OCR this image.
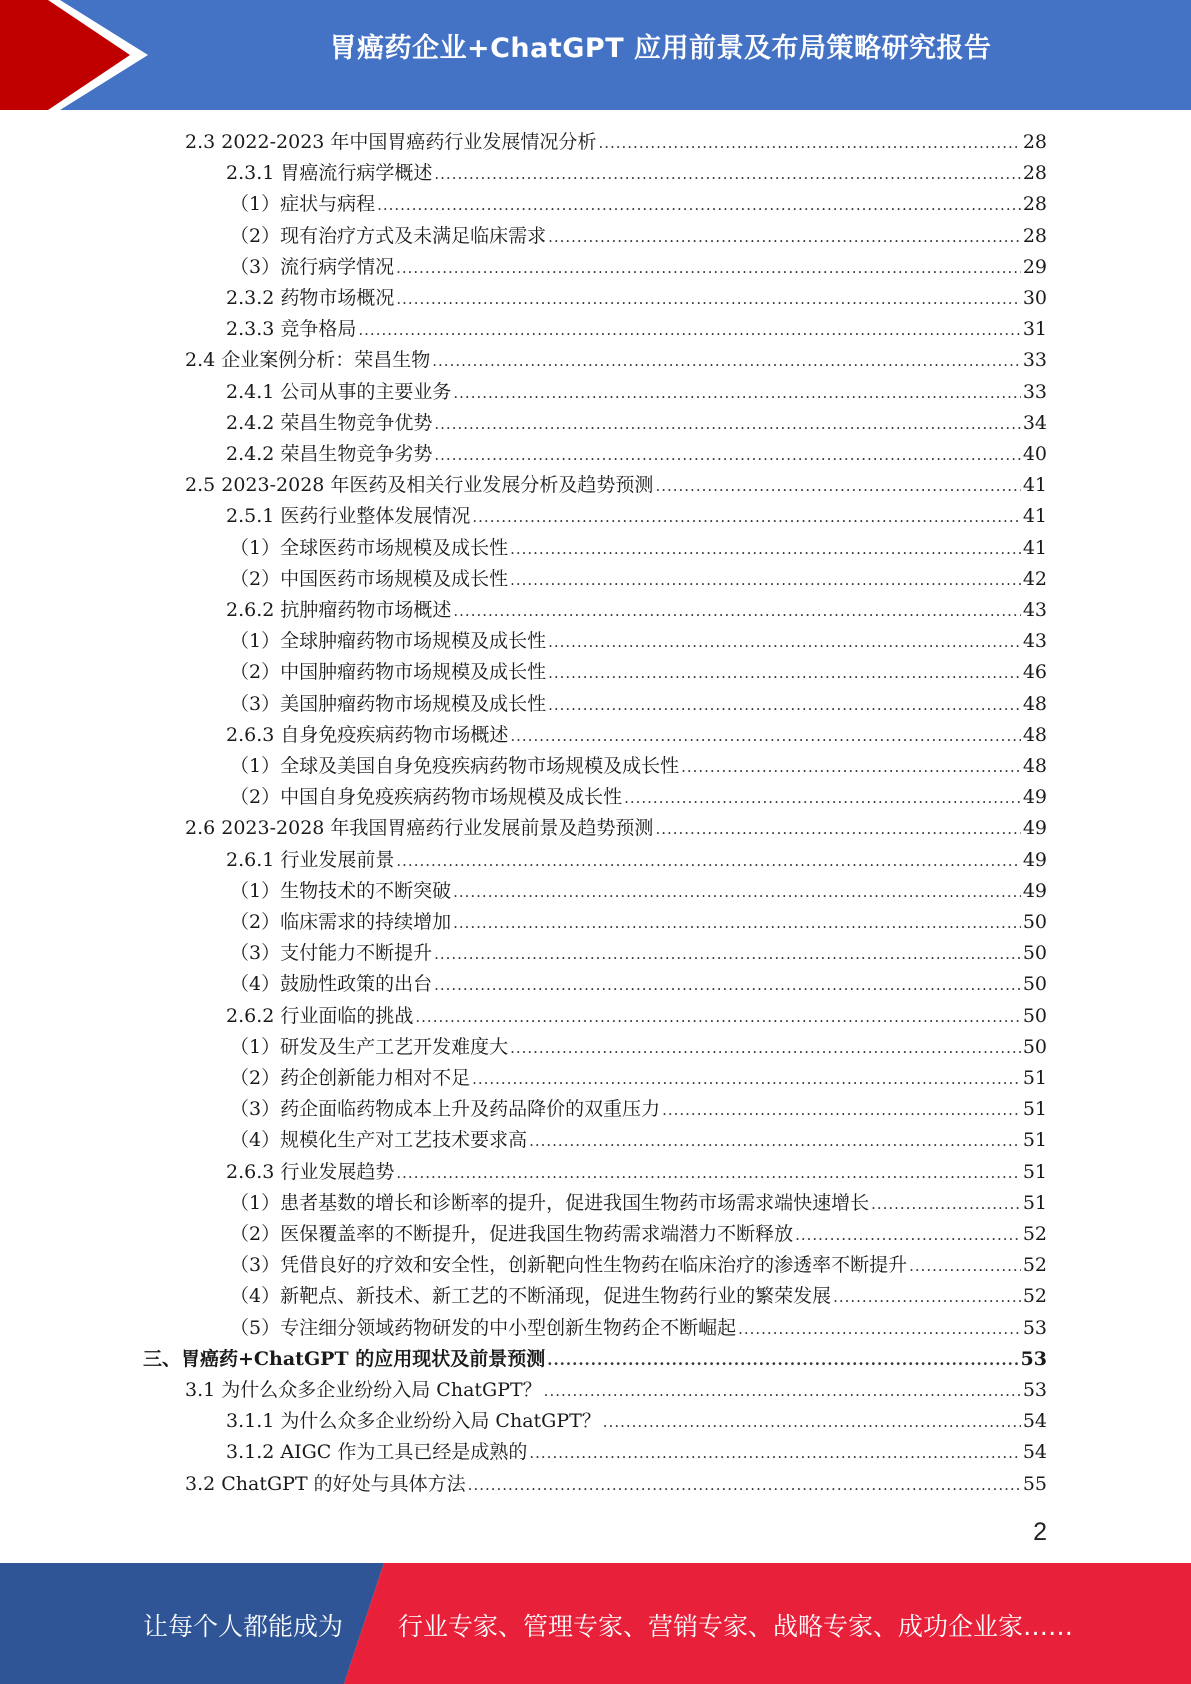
胃癌药企业+ChatGPT 应用前景及布局策略研究报告
2.3 2022-2023 年中国胃癌药行业发展情况分析 .....	28
2.3.1 胃癌流行病学概述 .....	28
（1）症状与病程 .....	28
（2）现有治疗方式及未满足临床需求 .....	28
（3）流行病学情况 .....	29
2.3.2 药物市场概况 .....	30
2.3.3 竞争格局 .....	31
2.4 企业案例分析：荣昌生物 .....	33
2.4.1 公司从事的主要业务 .....	33
2.4.2 荣昌生物竞争优势 .....	34
2.4.2 荣昌生物竞争劣势 .....	40
2.5 2023-2028 年医药及相关行业发展分析及趋势预测 .....	41
2.5.1 医药行业整体发展情况 .....	41
（1）全球医药市场规模及成长性 .....	41
（2）中国医药市场规模及成长性 .....	42
2.6.2 抗肿瘤药物市场概述 .....	43
（1）全球肿瘤药物市场规模及成长性 .....	43
（2）中国肿瘤药物市场规模及成长性 .....	46
（3）美国肿瘤药物市场规模及成长性 .....	48
2.6.3 自身免疫疾病药物市场概述 .....	48
（1）全球及美国自身免疫疾病药物市场规模及成长性 .....	48
（2）中国自身免疫疾病药物市场规模及成长性 .....	49
2.6 2023-2028 年我国胃癌药行业发展前景及趋势预测 .....	49
2.6.1 行业发展前景 .....	49
（1）生物技术的不断突破 .....	49
（2）临床需求的持续增加 .....	50
（3）支付能力不断提升 .....	50
（4）鼓励性政策的出台 .....	50
2.6.2 行业面临的挑战 .....	50
（1）研发及生产工艺开发难度大 .....	50
（2）药企创新能力相对不足 .....	51
（3）药企面临药物成本上升及药品降价的双重压力 .....	51
（4）规模化生产对工艺技术要求高 .....	51
2.6.3 行业发展趋势 .....	51
（1）患者基数的增长和诊断率的提升，促进我国生物药市场需求端快速增长 .....	51
（2）医保覆盖率的不断提升，促进我国生物药需求端潜力不断释放 .....	52
（3）凭借良好的疗效和安全性，创新靶向性生物药在临床治疗的渗透率不断提升 .....	52
（4）新靶点、新技术、新工艺的不断涌现，促进生物药行业的繁荣发展 .....	52
（5）专注细分领域药物研发的中小型创新生物药企不断崛起 .....	53
三、胃癌药+ChatGPT 的应用现状及前景预测 .....	53
3.1 为什么众多企业纷纷入局 ChatGPT？ .....	53
3.1.1 为什么众多企业纷纷入局 ChatGPT？ .....	54
3.1.2 AIGC 作为工具已经是成熟的 .....	54
3.2 ChatGPT 的好处与具体方法 .....	55
2
让每个人都能成为 行业专家、管理专家、营销专家、战略专家、成功企业家……
